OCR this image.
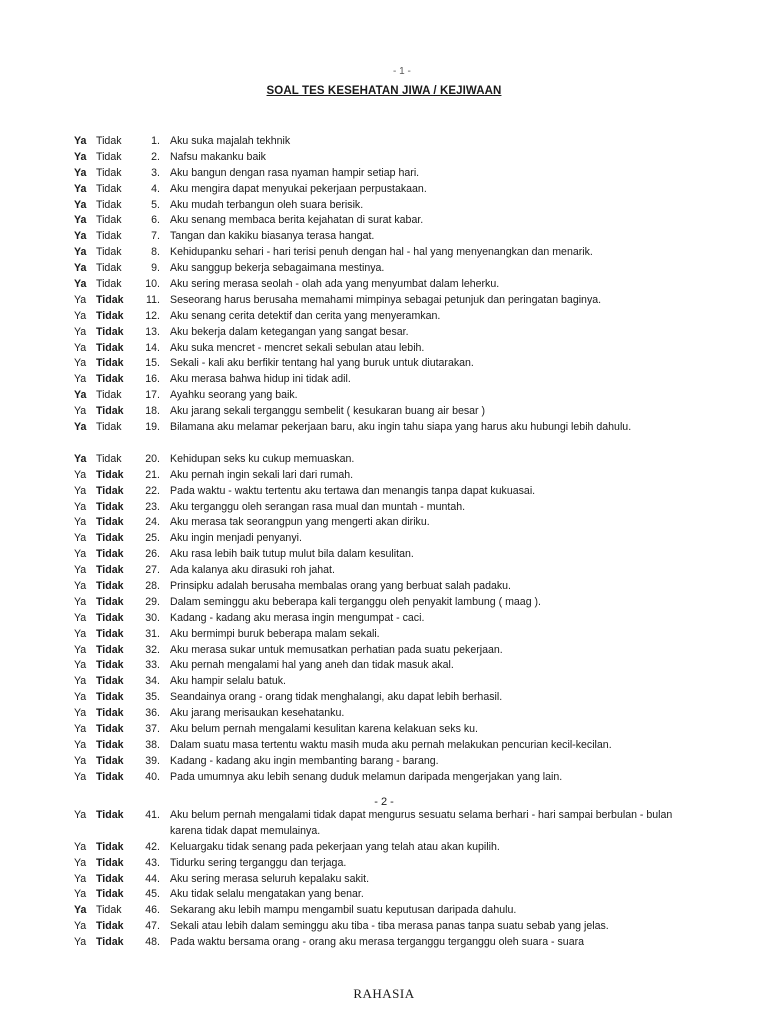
- 1 -
SOAL TES KESEHATAN JIWA / KEJIWAAN
Ya Tidak	1. Aku suka majalah tekhnik
Ya Tidak	2. Nafsu makanku baik
Ya Tidak	3. Aku bangun dengan rasa nyaman hampir setiap hari.
Ya Tidak	4. Aku mengira dapat menyukai pekerjaan perpustakaan.
Ya Tidak	5. Aku mudah terbangun oleh suara berisik.
Ya Tidak	6. Aku senang membaca berita kejahatan di surat kabar.
Ya Tidak	7. Tangan dan kakiku biasanya terasa hangat.
Ya Tidak	8. Kehidupanku sehari - hari terisi penuh dengan hal - hal yang menyenangkan dan menarik.
Ya Tidak	9. Aku sanggup bekerja sebagaimana mestinya.
Ya Tidak	10. Aku sering merasa seolah - olah ada yang menyumbat dalam leherku.
Ya Tidak	11. Seseorang harus berusaha memahami mimpinya sebagai petunjuk dan peringatan baginya.
Ya Tidak	12. Aku senang cerita detektif dan cerita yang menyeramkan.
Ya Tidak	13. Aku bekerja dalam ketegangan yang sangat besar.
Ya Tidak	14. Aku suka mencret - mencret sekali sebulan atau lebih.
Ya Tidak	15. Sekali - kali aku berfikir tentang hal yang buruk untuk diutarakan.
Ya Tidak	16. Aku merasa bahwa hidup ini tidak adil.
Ya Tidak	17. Ayahku seorang yang baik.
Ya Tidak	18. Aku jarang sekali terganggu sembelit ( kesukaran buang air besar )
Ya Tidak	19. Bilamana aku melamar pekerjaan baru, aku ingin tahu siapa yang harus aku hubungi lebih dahulu.
Ya Tidak	20. Kehidupan seks ku cukup memuaskan.
Ya Tidak	21. Aku pernah ingin sekali lari dari rumah.
Ya Tidak	22. Pada waktu - waktu tertentu aku tertawa dan menangis tanpa dapat kukuasai.
Ya Tidak	23. Aku terganggu oleh serangan rasa mual dan muntah - muntah.
Ya Tidak	24. Aku merasa tak seorangpun yang mengerti akan diriku.
Ya Tidak	25. Aku ingin menjadi penyanyi.
Ya Tidak	26. Aku rasa lebih baik tutup mulut bila dalam kesulitan.
Ya Tidak	27. Ada kalanya aku dirasuki roh jahat.
Ya Tidak	28. Prinsipku adalah berusaha membalas orang yang berbuat salah padaku.
Ya Tidak	29. Dalam seminggu aku beberapa kali terganggu oleh penyakit lambung ( maag ).
Ya Tidak	30. Kadang - kadang aku merasa ingin mengumpat - caci.
Ya Tidak	31. Aku bermimpi buruk beberapa malam sekali.
Ya Tidak	32. Aku merasa sukar untuk memusatkan perhatian pada suatu pekerjaan.
Ya Tidak	33. Aku pernah mengalami hal yang aneh dan tidak masuk akal.
Ya Tidak	34. Aku hampir selalu batuk.
Ya Tidak	35. Seandainya orang - orang tidak menghalangi, aku dapat lebih berhasil.
Ya Tidak	36. Aku jarang merisaukan kesehatanku.
Ya Tidak	37. Aku belum pernah mengalami kesulitan karena kelakuan seks ku.
Ya Tidak	38. Dalam suatu masa tertentu waktu masih muda aku pernah melakukan pencurian kecil-kecilan.
Ya Tidak	39. Kadang - kadang aku ingin membanting barang - barang.
Ya Tidak	40. Pada umumnya aku lebih senang duduk melamun daripada mengerjakan yang lain.
- 2 -
Ya Tidak	41. Aku belum pernah mengalami tidak dapat mengurus sesuatu selama berhari - hari sampai berbulan - bulan karena tidak dapat memulainya.
Ya Tidak	42. Keluargaku tidak senang pada pekerjaan yang telah atau akan kupilih.
Ya Tidak	43. Tidurku sering terganggu dan terjaga.
Ya Tidak	44. Aku sering merasa seluruh kepalaku sakit.
Ya Tidak	45. Aku tidak selalu mengatakan yang benar.
Ya Tidak	46. Sekarang aku lebih mampu mengambil suatu keputusan daripada dahulu.
Ya Tidak	47. Sekali atau lebih dalam seminggu aku tiba - tiba merasa panas tanpa suatu sebab yang jelas.
Ya Tidak	48. Pada waktu bersama orang - orang aku merasa terganggu terganggu oleh suara - suara
RAHASIA
